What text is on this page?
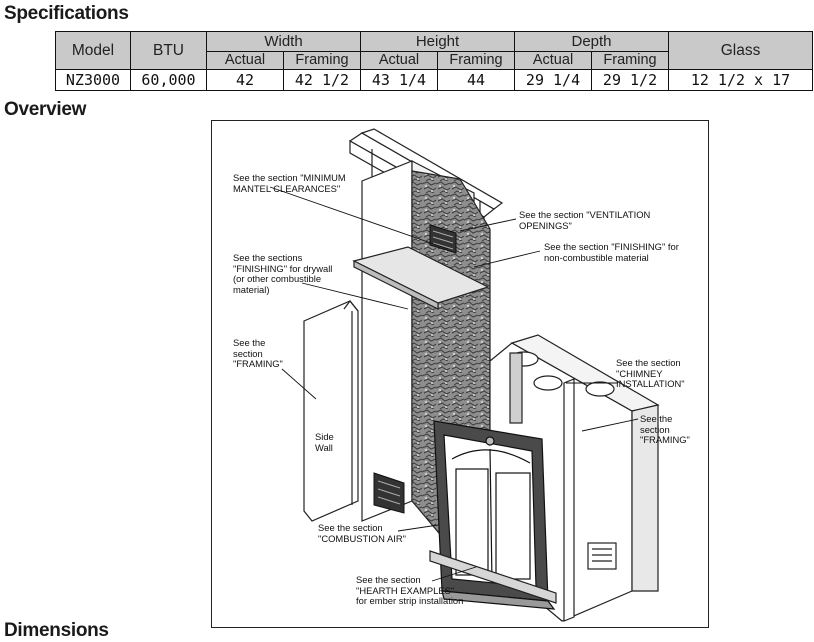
Specifications
Model	BTU	Width		Height		Depth		Glass
		Actual	Framing	Actual	Framing	Actual	Framing	
NZ3000	60,000	42	42 1/2	43 1/4	44	29 1/4	29 1/2	12 1/2 x 17
Overview
See the section "MINIMUM
MANTEL CLEARANCES"
See the section "VENTILATION
OPENINGS"
See the section "FINISHING" for
non-combustible material
See the sections
"FINISHING" for drywall
(or other combustible
material)
See the
section
"FRAMING"	See the section
"CHIMNEY
INSTALLATION"
See the
section
"FRAMING"
Side
Wall
See the section
"COMBUSTION AIR"
See the section
"HEARTH EXAMPLES"
for ember strip installation
Dimensions
